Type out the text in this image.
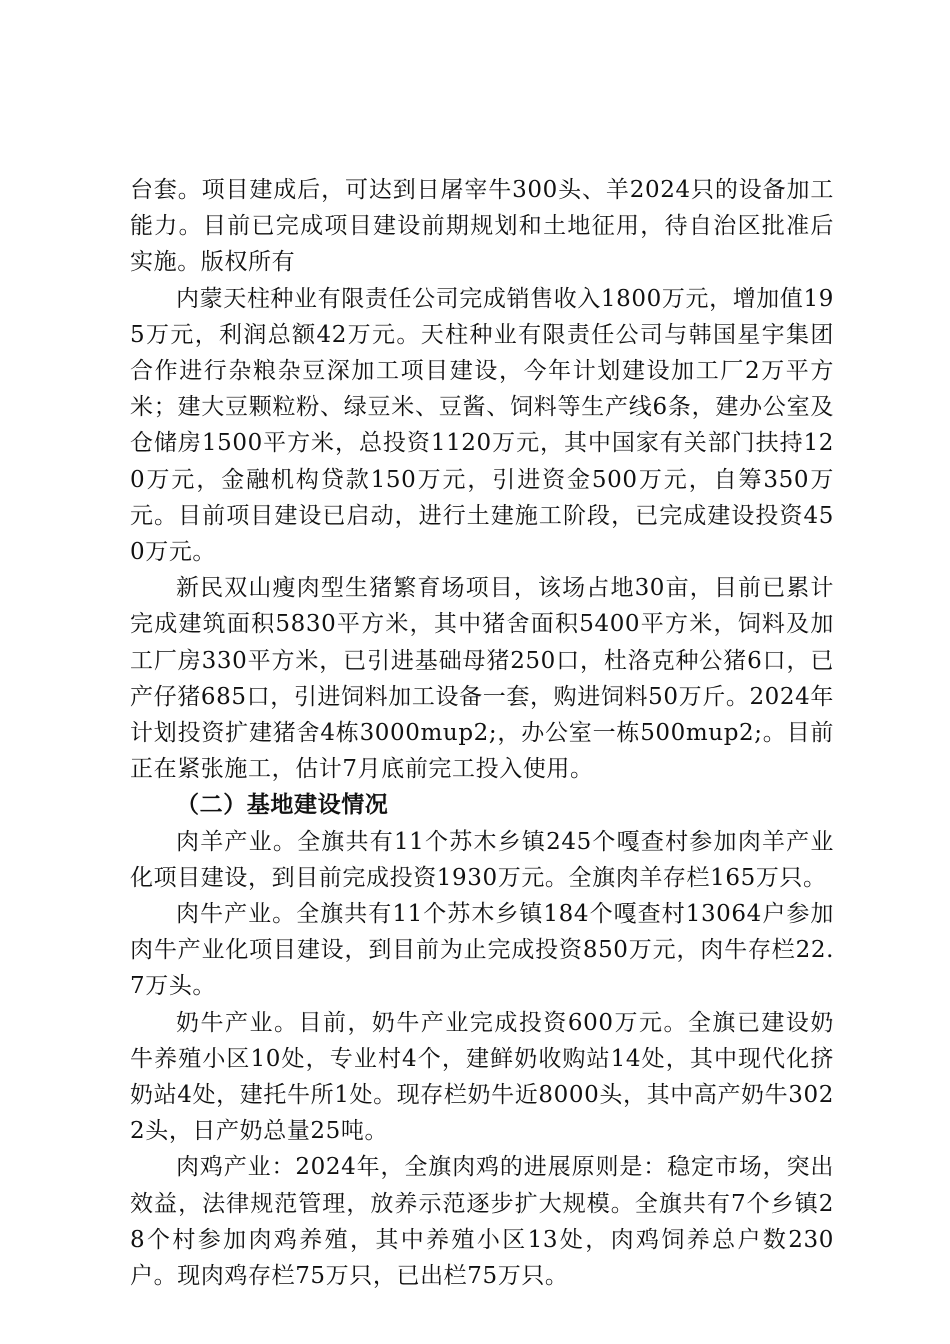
台套。项目建成后，可达到日屠宰牛300头、羊2024只的设备加工能力。目前已完成项目建设前期规划和土地征用，待自治区批准后实施。版权所有

内蒙天柱种业有限责任公司完成销售收入1800万元，增加值195万元，利润总额42万元。天柱种业有限责任公司与韩国星宇集团合作进行杂粮杂豆深加工项目建设，今年计划建设加工厂2万平方米；建大豆颗粒粉、绿豆米、豆酱、饲料等生产线6条，建办公室及仓储房1500平方米，总投资1120万元，其中国家有关部门扶持120万元，金融机构贷款150万元，引进资金500万元，自筹350万元。目前项目建设已启动，进行土建施工阶段，已完成建设投资450万元。

新民双山瘦肉型生猪繁育场项目，该场占地30亩，目前已累计完成建筑面积5830平方米，其中猪舍面积5400平方米，饲料及加工厂房330平方米，已引进基础母猪250口，杜洛克种公猪6口，已产仔猪685口，引进饲料加工设备一套，购进饲料50万斤。2024年计划投资扩建猪舍4栋3000mup2;，办公室一栋500mup2;。目前正在紧张施工，估计7月底前完工投入使用。

（二）基地建设情况

肉羊产业。全旗共有11个苏木乡镇245个嘎查村参加肉羊产业化项目建设，到目前完成投资1930万元。全旗肉羊存栏165万只。

肉牛产业。全旗共有11个苏木乡镇184个嘎查村13064户参加肉牛产业化项目建设，到目前为止完成投资850万元，肉牛存栏22.7万头。

奶牛产业。目前，奶牛产业完成投资600万元。全旗已建设奶牛养殖小区10处，专业村4个，建鲜奶收购站14处，其中现代化挤奶站4处，建托牛所1处。现存栏奶牛近8000头，其中高产奶牛3022头，日产奶总量25吨。

肉鸡产业：2024年，全旗肉鸡的进展原则是：稳定市场，突出效益，法律规范管理，放养示范逐步扩大规模。全旗共有7个乡镇28个村参加肉鸡养殖，其中养殖小区13处，肉鸡饲养总户数230户。现肉鸡存栏75万只，已出栏75万只。
